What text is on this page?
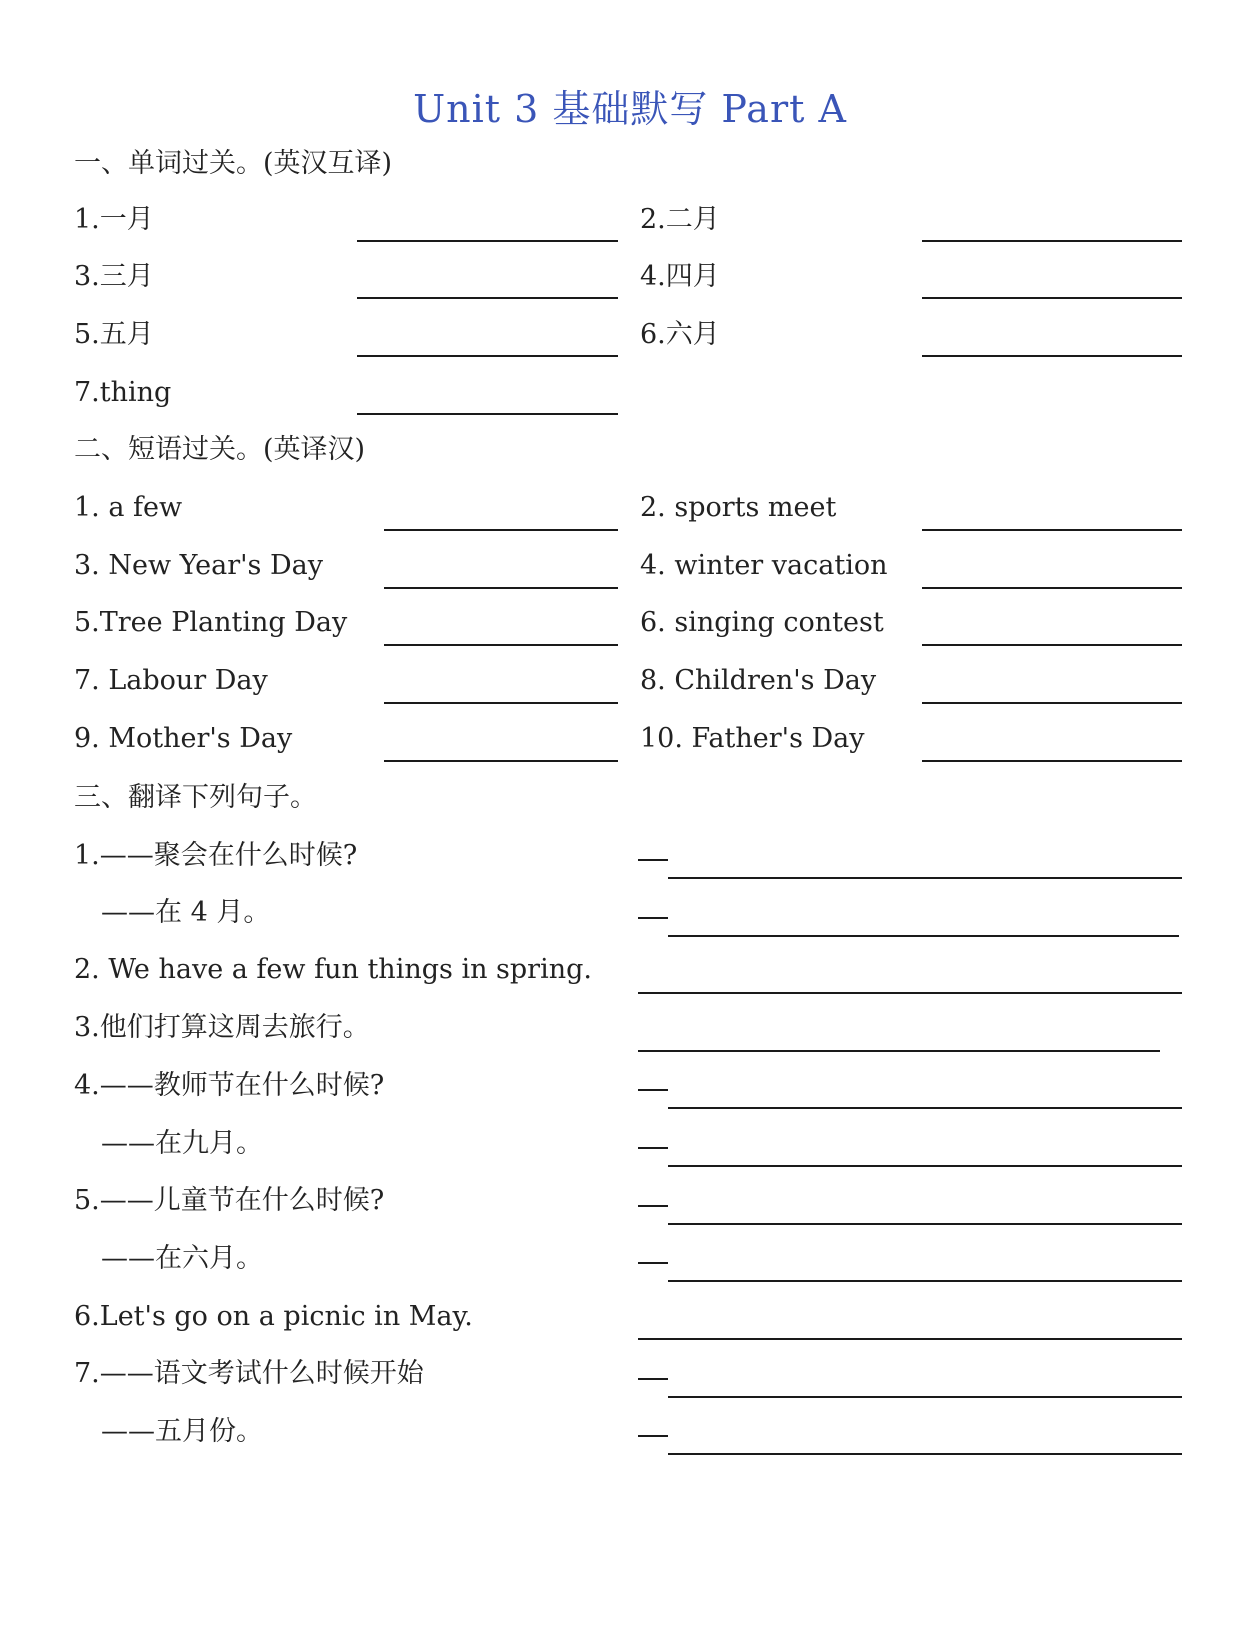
Unit 3 基础默写 Part A
一、单词过关。(英汉互译)
1.一月	2.二月
3.三月	4.四月
5.五月	6.六月
7.thing
二、短语过关。(英译汉)
1. a few	2. sports meet
3. New Year's Day	4. winter vacation
5.Tree Planting Day	6. singing contest
7. Labour Day	8. Children's Day
9. Mother's Day	10. Father's Day
三、翻译下列句子。
1.——聚会在什么时候?
——在 4 月。
2. We have a few fun things in spring.
3.他们打算这周去旅行。
4.——教师节在什么时候?
——在九月。
5.——儿童节在什么时候?
——在六月。
6.Let's go on a picnic in May.
7.——语文考试什么时候开始
——五月份。
